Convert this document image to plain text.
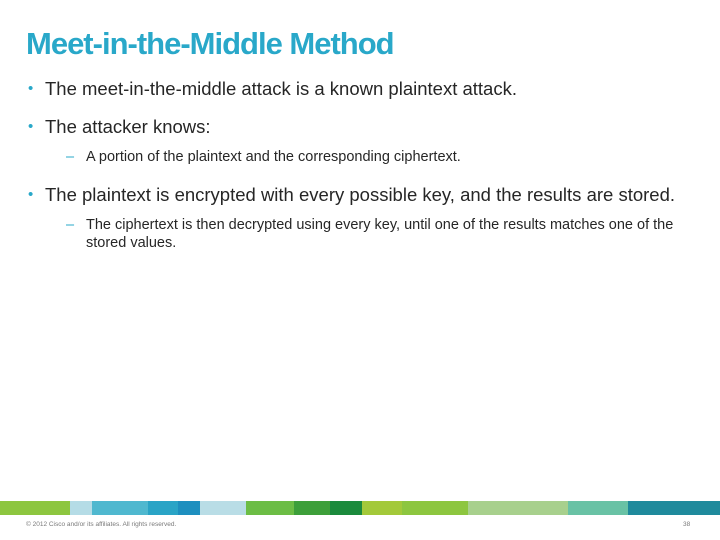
Meet-in-the-Middle Method
• The meet-in-the-middle attack is a known plaintext attack.
• The attacker knows:
– A portion of the plaintext and the corresponding ciphertext.
• The plaintext is encrypted with every possible key, and the results are stored.
– The ciphertext is then decrypted using every key, until one of the results matches one of the stored values.
© 2012 Cisco and/or its affiliates. All rights reserved.	38
